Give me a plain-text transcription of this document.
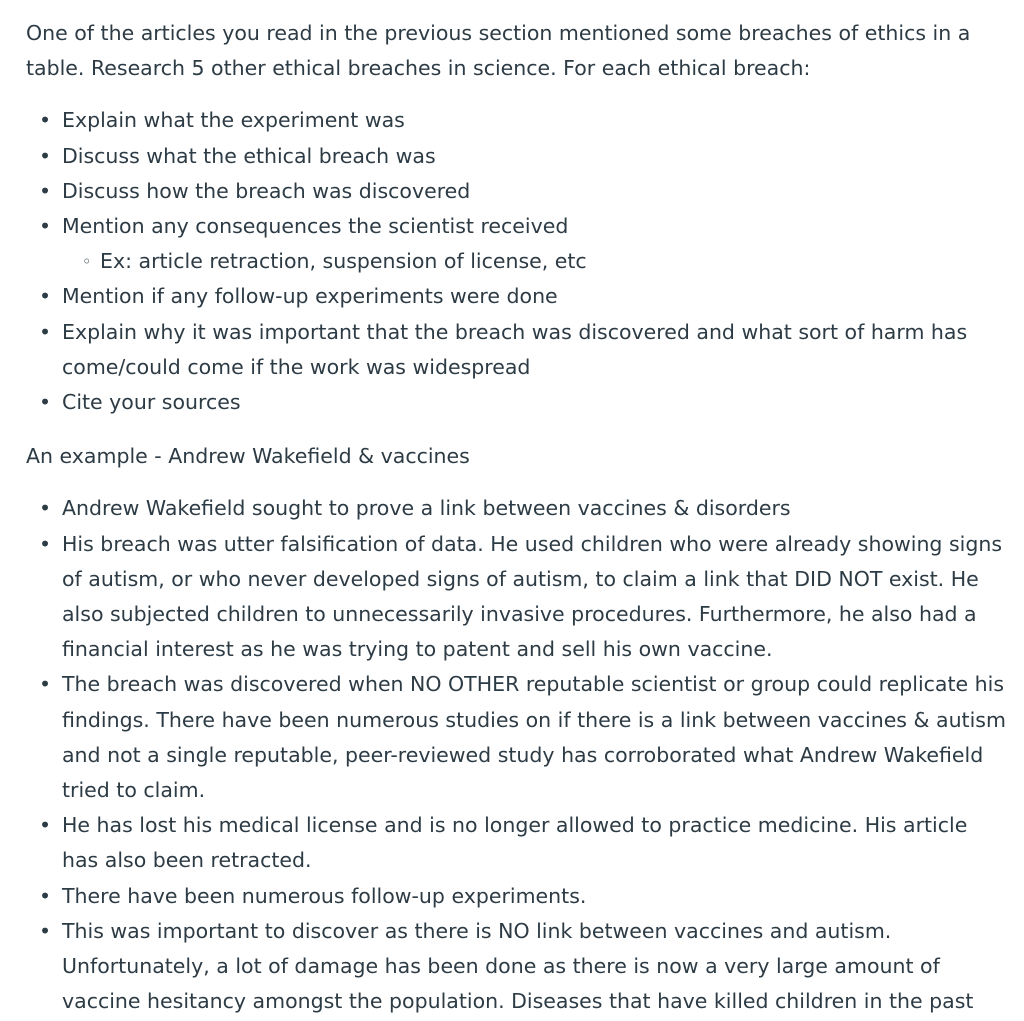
One of the articles you read in the previous section mentioned some breaches of ethics in a table. Research 5 other ethical breaches in science. For each ethical breach:

• Explain what the experiment was
• Discuss what the ethical breach was
• Discuss how the breach was discovered
• Mention any consequences the scientist received
◦ Ex: article retraction, suspension of license, etc
• Mention if any follow-up experiments were done
• Explain why it was important that the breach was discovered and what sort of harm has come/could come if the work was widespread
• Cite your sources

An example - Andrew Wakefield & vaccines

• Andrew Wakefield sought to prove a link between vaccines & disorders
• His breach was utter falsification of data. He used children who were already showing signs of autism, or who never developed signs of autism, to claim a link that DID NOT exist. He also subjected children to unnecessarily invasive procedures. Furthermore, he also had a financial interest as he was trying to patent and sell his own vaccine.
• The breach was discovered when NO OTHER reputable scientist or group could replicate his findings. There have been numerous studies on if there is a link between vaccines & autism and not a single reputable, peer-reviewed study has corroborated what Andrew Wakefield tried to claim.
• He has lost his medical license and is no longer allowed to practice medicine. His article has also been retracted.
• There have been numerous follow-up experiments.
• This was important to discover as there is NO link between vaccines and autism. Unfortunately, a lot of damage has been done as there is now a very large amount of vaccine hesitancy amongst the population. Diseases that have killed children in the past
